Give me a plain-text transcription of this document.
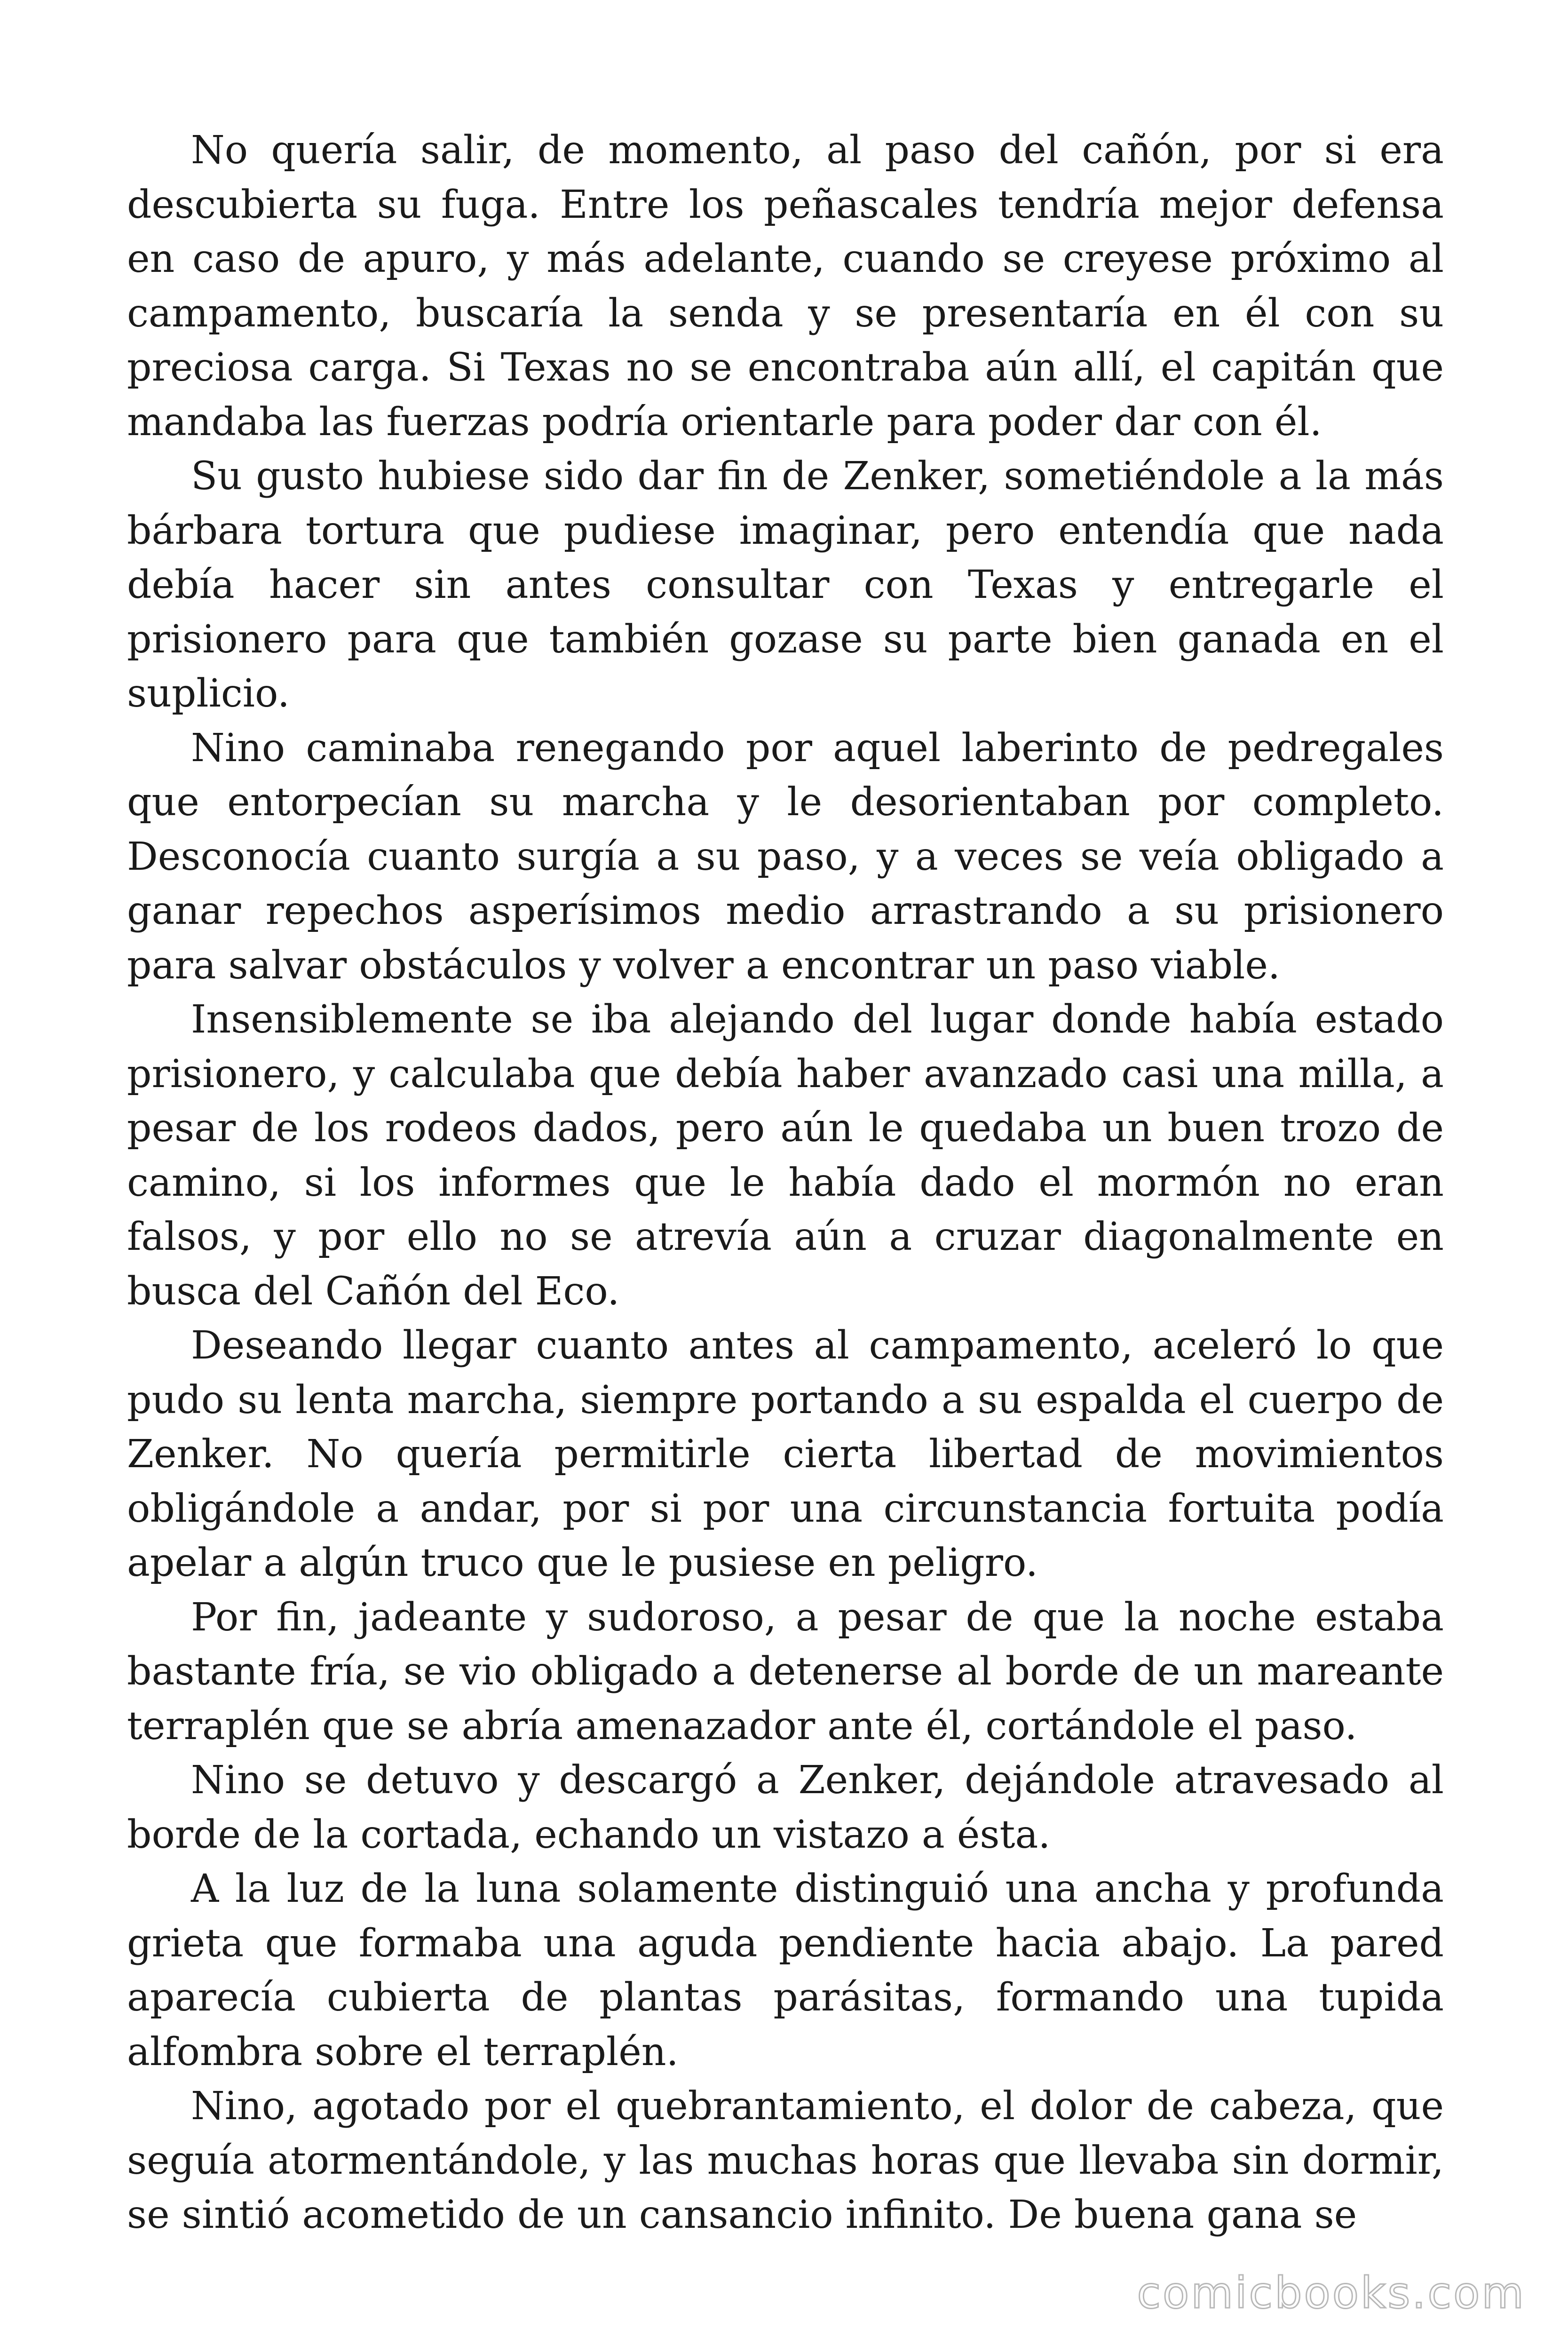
No quería salir, de momento, al paso del cañón, por si era descubierta su fuga. Entre los peñascales tendría mejor defensa en caso de apuro, y más adelante, cuando se creyese próximo al campamento, buscaría la senda y se presentaría en él con su preciosa carga. Si Texas no se encontraba aún allí, el capitán que mandaba las fuerzas podría orientarle para poder dar con él.

Su gusto hubiese sido dar fin de Zenker, sometiéndole a la más bárbara tortura que pudiese imaginar, pero entendía que nada debía hacer sin antes consultar con Texas y entregarle el prisionero para que también gozase su parte bien ganada en el suplicio.

Nino caminaba renegando por aquel laberinto de pedregales que entorpecían su marcha y le desorientaban por completo. Desconocía cuanto surgía a su paso, y a veces se veía obligado a ganar repechos asperísimos medio arrastrando a su prisionero para salvar obstáculos y volver a encontrar un paso viable.

Insensiblemente se iba alejando del lugar donde había estado prisionero, y calculaba que debía haber avanzado casi una milla, a pesar de los rodeos dados, pero aún le quedaba un buen trozo de camino, si los informes que le había dado el mormón no eran falsos, y por ello no se atrevía aún a cruzar diagonalmente en busca del Cañón del Eco.

Deseando llegar cuanto antes al campamento, aceleró lo que pudo su lenta marcha, siempre portando a su espalda el cuerpo de Zenker. No quería permitirle cierta libertad de movimientos obligándole a andar, por si por una circunstancia fortuita podía apelar a algún truco que le pusiese en peligro.

Por fin, jadeante y sudoroso, a pesar de que la noche estaba bastante fría, se vio obligado a detenerse al borde de un mareante terraplén que se abría amenazador ante él, cortándole el paso.

Nino se detuvo y descargó a Zenker, dejándole atravesado al borde de la cortada, echando un vistazo a ésta.

A la luz de la luna solamente distinguió una ancha y profunda grieta que formaba una aguda pendiente hacia abajo. La pared aparecía cubierta de plantas parásitas, formando una tupida alfombra sobre el terraplén.

Nino, agotado por el quebrantamiento, el dolor de cabeza, que seguía atormentándole, y las muchas horas que llevaba sin dormir, se sintió acometido de un cansancio infinito. De buena gana se

comicbooks.com
